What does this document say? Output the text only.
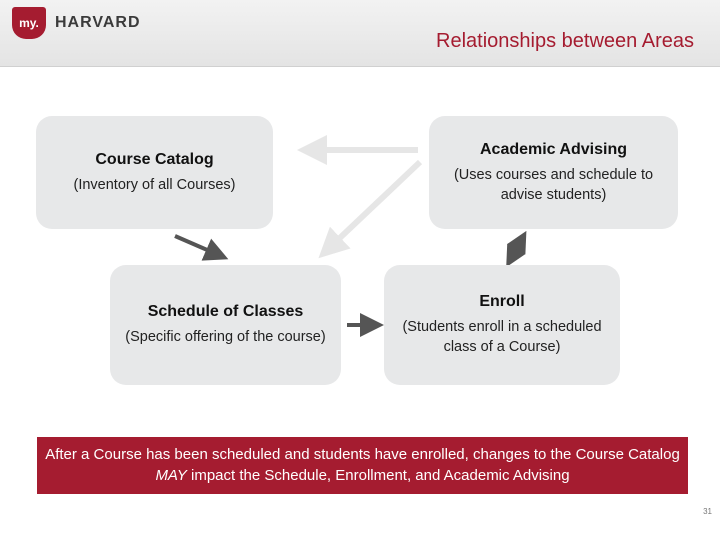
my.	HARVARD
Relationships between Areas
Course Catalog
(Inventory of all Courses)
Academic Advising
(Uses courses and schedule to advise students)
Schedule of Classes
(Specific offering of the course)
Enroll
(Students enroll in a scheduled class of a Course)
After a Course has been scheduled and students have enrolled, changes to the Course Catalog MAY impact the Schedule, Enrollment, and Academic Advising
31
